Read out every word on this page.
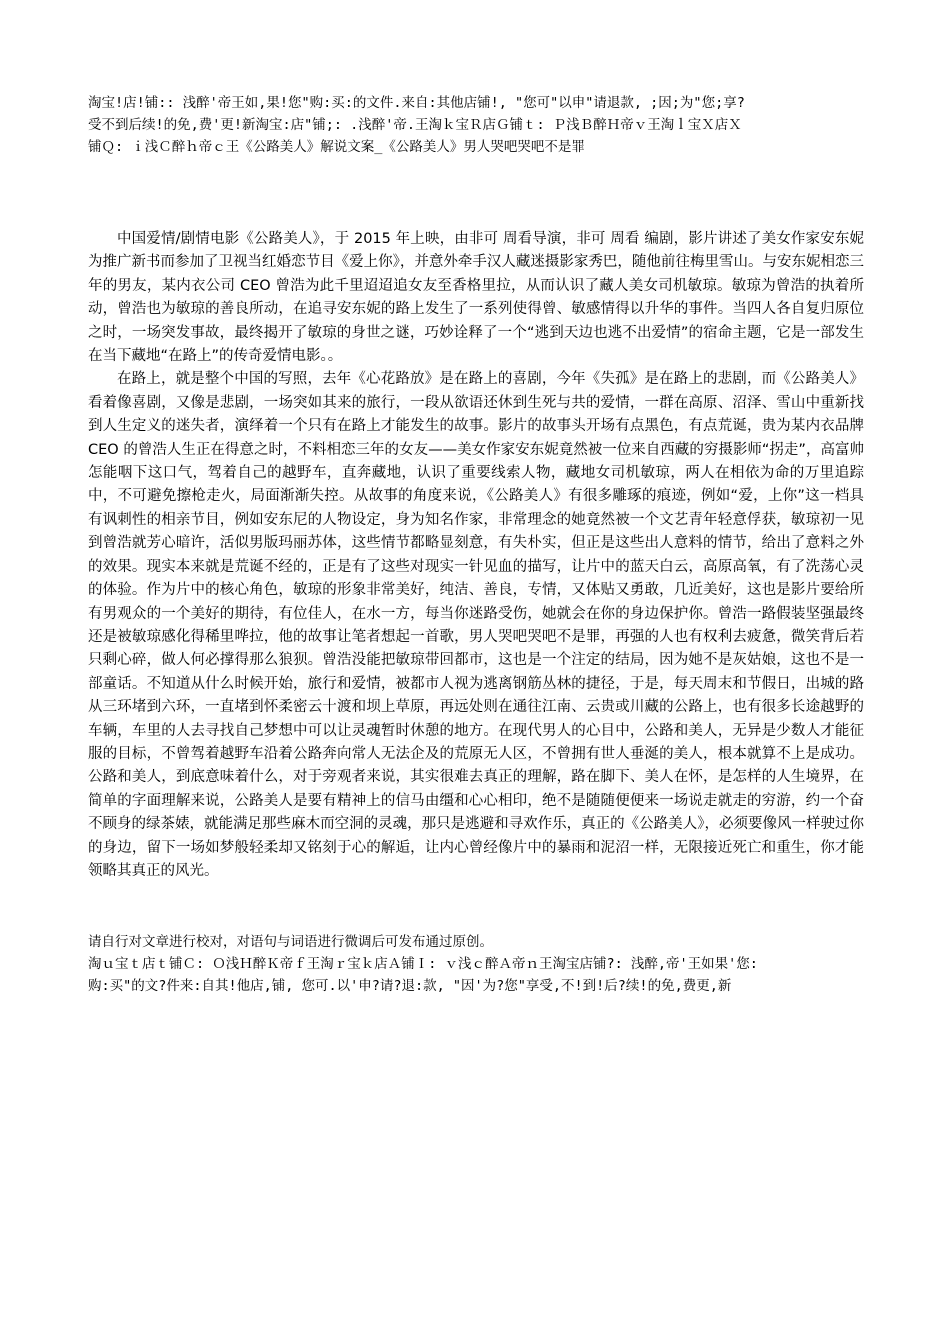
淘宝!店!铺:: 浅醉'帝王如,果!您"购:买:的文件.来自:其他店铺!, "您可"以申"请退款, ;因;为"您;享?
受不到后续!的免,费'更!新淘宝:店"铺;: .浅醉'帝.王淘ｋ宝Ｒ店Ｇ铺ｔ: Ｐ浅Ｂ醉Ｈ帝ｖ王淘ｌ宝Ｘ店Ｘ
铺Ｑ: ｉ浅Ｃ醉ｈ帝ｃ王《公路美人》解说文案_《公路美人》男人哭吧哭吧不是罪

中国爱情/剧情电影《公路美人》，于 2015 年上映，由非可 周看导演，非可 周看 编剧，影片讲述了美女作家安东妮为推广新书而参加了卫视当红婚恋节目《爱上你》，并意外牵手汉人藏迷摄影家秀巴，随他前往梅里雪山。与安东妮相恋三年的男友，某内衣公司 CEO 曾浩为此千里迢迢追女友至香格里拉，从而认识了藏人美女司机敏琼。敏琼为曾浩的执着所动，曾浩也为敏琼的善良所动，在追寻安东妮的路上发生了一系列使得曾、敏感情得以升华的事件。当四人各自复归原位之时，一场突发事故，最终揭开了敏琼的身世之谜，巧妙诠释了一个“逃到天边也逃不出爱情”的宿命主题，它是一部发生在当下藏地“在路上”的传奇爱情电影。。

在路上，就是整个中国的写照，去年《心花路放》是在路上的喜剧，今年《失孤》是在路上的悲剧，而《公路美人》看着像喜剧，又像是悲剧，一场突如其来的旅行，一段从欲语还休到生死与共的爱情，一群在高原、沼泽、雪山中重新找到人生定义的迷失者，演绎着一个只有在路上才能发生的故事。影片的故事头开场有点黑色，有点荒诞，贵为某内衣品牌 CEO 的曾浩人生正在得意之时，不料相恋三年的女友——美女作家安东妮竟然被一位来自西藏的穷摄影师“拐走”，高富帅怎能咽下这口气，驾着自己的越野车，直奔藏地，认识了重要线索人物，藏地女司机敏琼，两人在相依为命的万里追踪中，不可避免擦枪走火，局面渐渐失控。从故事的角度来说，《公路美人》有很多雕琢的痕迹，例如“爱，上你”这一档具有讽刺性的相亲节目，例如安东尼的人物设定，身为知名作家，非常理念的她竟然被一个文艺青年轻意俘获，敏琼初一见到曾浩就芳心暗许，活似男版玛丽苏体，这些情节都略显刻意，有失朴实，但正是这些出人意料的情节，给出了意料之外的效果。现实本来就是荒诞不经的，正是有了这些对现实一针见血的描写，让片中的蓝天白云，高原高氧，有了洗荡心灵的体验。作为片中的核心角色，敏琼的形象非常美好，纯洁、善良，专情，又体贴又勇敢，几近美好，这也是影片要给所有男观众的一个美好的期待，有位佳人，在水一方，每当你迷路受伤，她就会在你的身边保护你。曾浩一路假装坚强最终还是被敏琼感化得稀里哗拉，他的故事让笔者想起一首歌，男人哭吧哭吧不是罪，再强的人也有权利去疲惫，微笑背后若只剩心碎，做人何必撑得那么狼狈。曾浩没能把敏琼带回都市，这也是一个注定的结局，因为她不是灰姑娘，这也不是一部童话。不知道从什么时候开始，旅行和爱情，被都市人视为逃离钢筋丛林的捷径，于是，每天周末和节假日，出城的路从三环堵到六环，一直堵到怀柔密云十渡和坝上草原，再远处则在通往江南、云贵或川藏的公路上，也有很多长途越野的车辆，车里的人去寻找自己梦想中可以让灵魂暂时休憩的地方。在现代男人的心目中，公路和美人，无异是少数人才能征服的目标，不曾驾着越野车沿着公路奔向常人无法企及的荒原无人区，不曾拥有世人垂涎的美人，根本就算不上是成功。公路和美人，到底意味着什么，对于旁观者来说，其实很难去真正的理解，路在脚下、美人在怀，是怎样的人生境界，在简单的字面理解来说，公路美人是要有精神上的信马由缰和心心相印，绝不是随随便便来一场说走就走的穷游，约一个奋不顾身的绿茶婊，就能满足那些麻木而空洞的灵魂，那只是逃避和寻欢作乐，真正的《公路美人》，必须要像风一样驶过你的身边，留下一场如梦般轻柔却又铭刻于心的解逅，让内心曾经像片中的暴雨和泥沼一样，无限接近死亡和重生，你才能领略其真正的风光。

请自行对文章进行校对，对语句与词语进行微调后可发布通过原创。
淘ｕ宝ｔ店ｔ铺Ｃ: Ｏ浅Ｈ醉Ｋ帝ｆ王淘ｒ宝ｋ店Ａ铺Ｉ: ｖ浅ｃ醉Ａ帝ｎ王淘宝店铺?: 浅醉,帝'王如果'您:
购:买"的文?件来:自其!他店,铺, 您可.以'申?请?退:款, "因'为?您"享受,不!到!后?续!的免,费更,新
